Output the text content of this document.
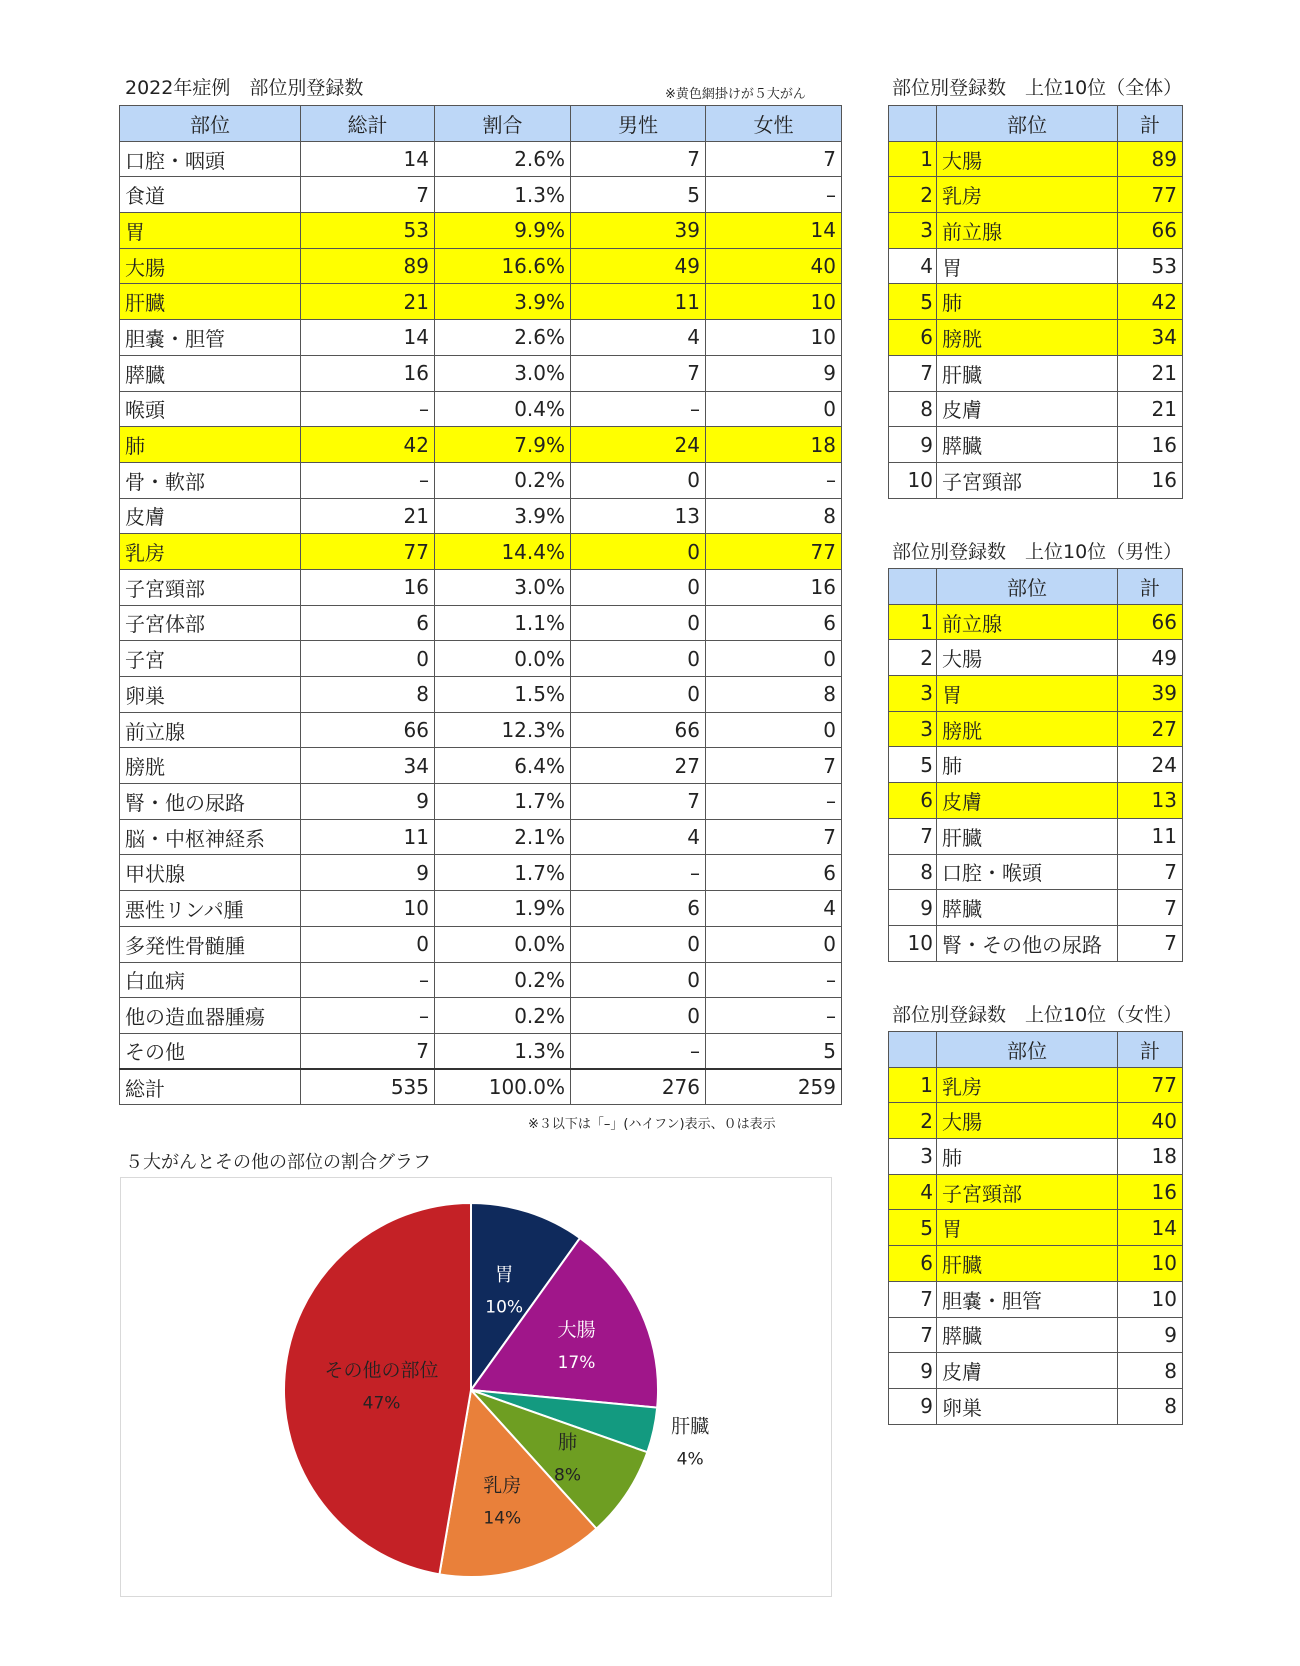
2022年症例　部位別登録数	※黄色網掛けが５大がん
部位	総計	割合	男性	女性
口腔・咽頭	14	2.6%	7	7
食道	7	1.3%	5	–
胃	53	9.9%	39	14
大腸	89	16.6%	49	40
肝臓	21	3.9%	11	10
胆嚢・胆管	14	2.6%	4	10
膵臓	16	3.0%	7	9
喉頭	–	0.4%	–	0
肺	42	7.9%	24	18
骨・軟部	–	0.2%	0	–
皮膚	21	3.9%	13	8
乳房	77	14.4%	0	77
子宮頸部	16	3.0%	0	16
子宮体部	6	1.1%	0	6
子宮	0	0.0%	0	0
卵巣	8	1.5%	0	8
前立腺	66	12.3%	66	0
膀胱	34	6.4%	27	7
腎・他の尿路	9	1.7%	7	–
脳・中枢神経系	11	2.1%	4	7
甲状腺	9	1.7%	–	6
悪性リンパ腫	10	1.9%	6	4
多発性骨髄腫	0	0.0%	0	0
白血病	–	0.2%	0	–
他の造血器腫瘍	–	0.2%	0	–
その他	7	1.3%	–	5
総計	535	100.0%	276	259
※３以下は「–」(ハイフン)表示、０は表示
５大がんとその他の部位の割合グラフ
胃
10%
大腸
17%
肝臓
4%
肺
8%
乳房
14%
その他の部位
47%
部位別登録数　上位10位（全体）
	部位	計
1	大腸	89
2	乳房	77
3	前立腺	66
4	胃	53
5	肺	42
6	膀胱	34
7	肝臓	21
8	皮膚	21
9	膵臓	16
10	子宮頸部	16
部位別登録数　上位10位（男性）
	部位	計
1	前立腺	66
2	大腸	49
3	胃	39
3	膀胱	27
5	肺	24
6	皮膚	13
7	肝臓	11
8	口腔・喉頭	7
9	膵臓	7
10	腎・その他の尿路	7
部位別登録数　上位10位（女性）
	部位	計
1	乳房	77
2	大腸	40
3	肺	18
4	子宮頸部	16
5	胃	14
6	肝臓	10
7	胆嚢・胆管	10
7	膵臓	9
9	皮膚	8
9	卵巣	8
